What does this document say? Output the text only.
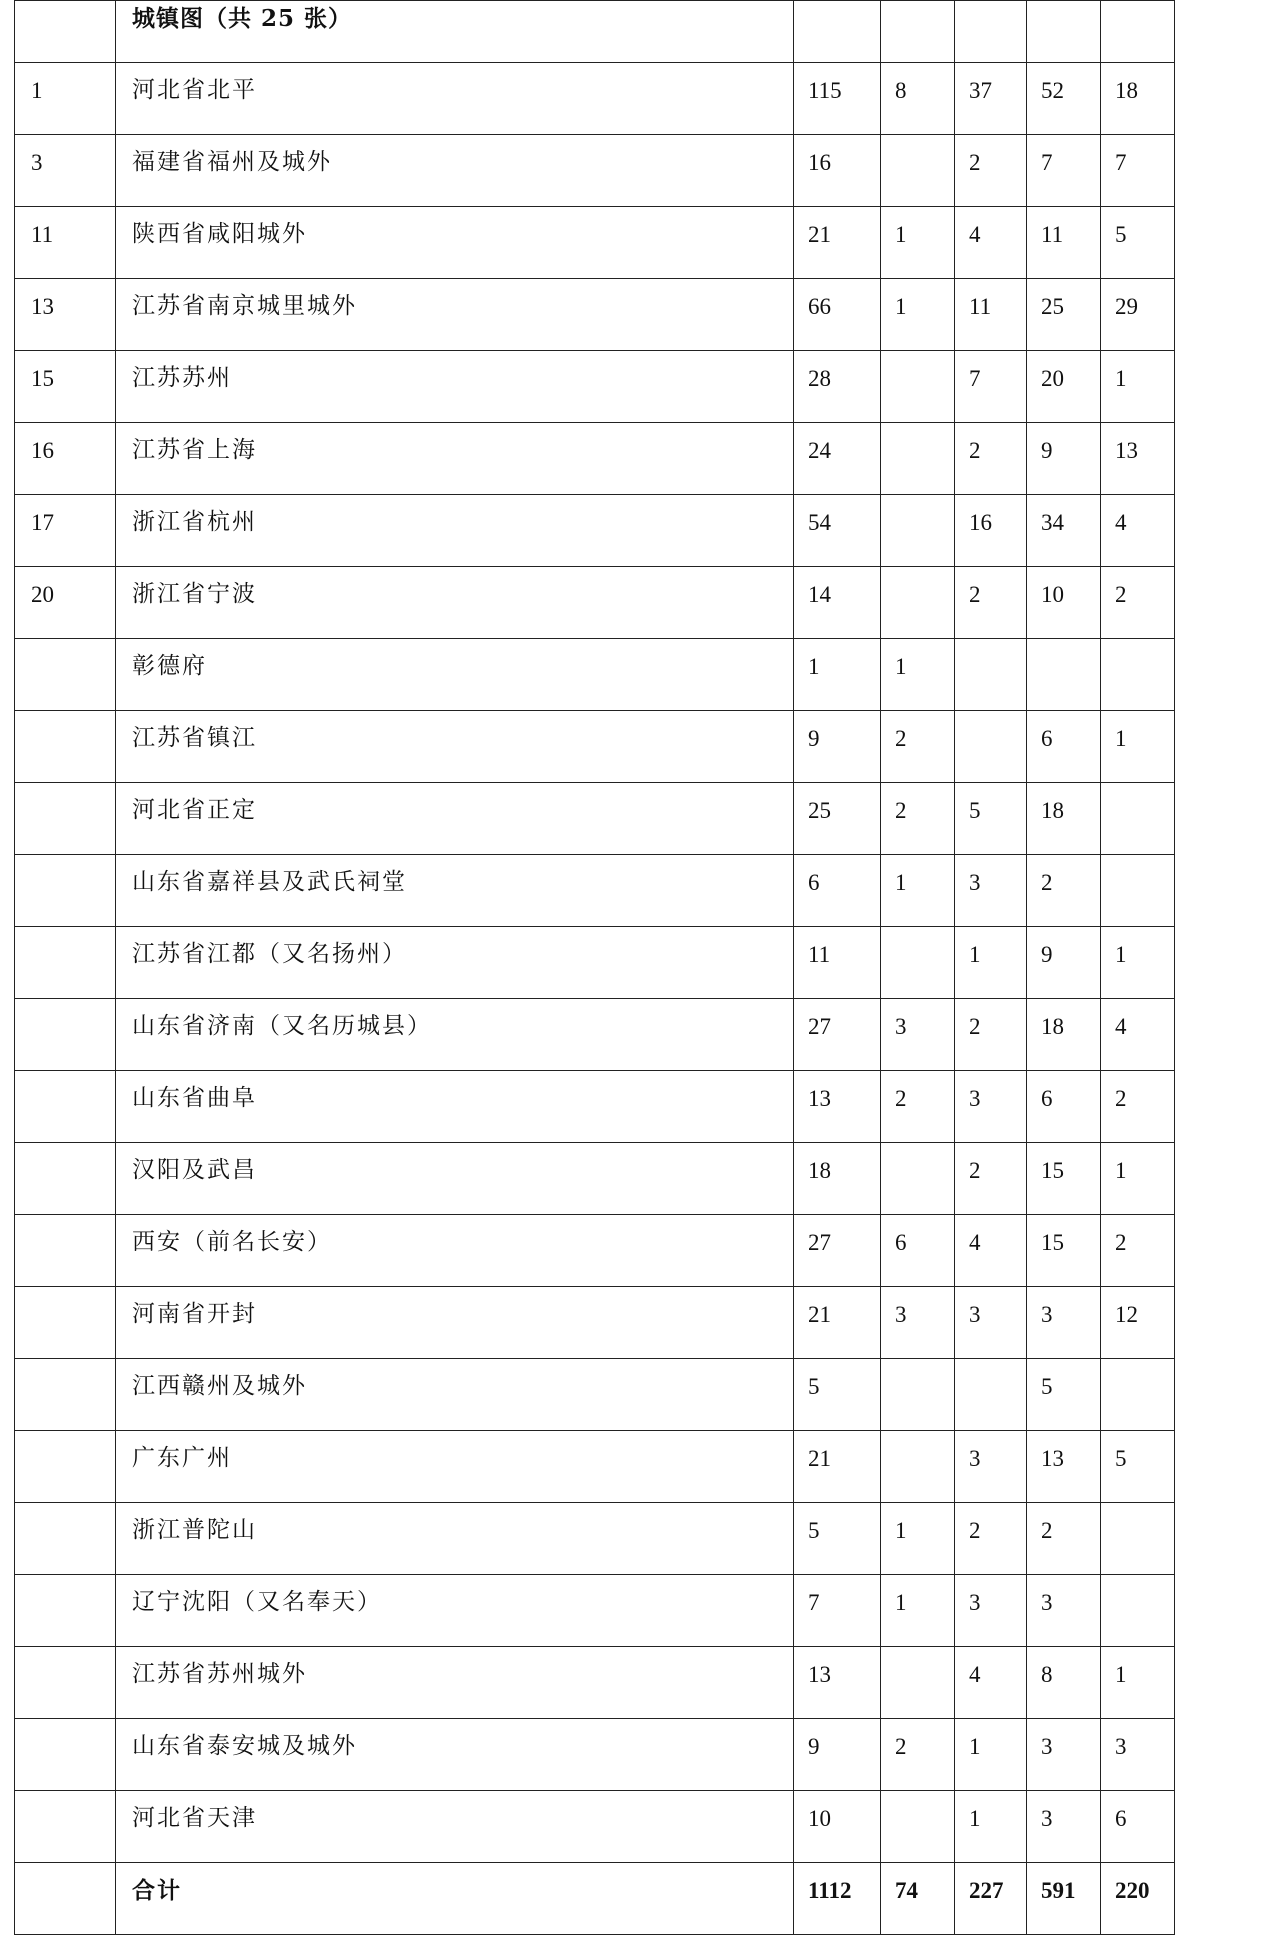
	城镇图（共 25 张）					
1	河北省北平	115	8	37	52	18
3	福建省福州及城外	16		2	7	7
11	陕西省咸阳城外	21	1	4	11	5
13	江苏省南京城里城外	66	1	11	25	29
15	江苏苏州	28		7	20	1
16	江苏省上海	24		2	9	13
17	浙江省杭州	54		16	34	4
20	浙江省宁波	14		2	10	2
	彰德府	1	1			
	江苏省镇江	9	2		6	1
	河北省正定	25	2	5	18	
	山东省嘉祥县及武氏祠堂	6	1	3	2	
	江苏省江都（又名扬州）	11		1	9	1
	山东省济南（又名历城县）	27	3	2	18	4
	山东省曲阜	13	2	3	6	2
	汉阳及武昌	18		2	15	1
	西安（前名长安）	27	6	4	15	2
	河南省开封	21	3	3	3	12
	江西赣州及城外	5			5	
	广东广州	21		3	13	5
	浙江普陀山	5	1	2	2	
	辽宁沈阳（又名奉天）	7	1	3	3	
	江苏省苏州城外	13		4	8	1
	山东省泰安城及城外	9	2	1	3	3
	河北省天津	10		1	3	6
	合计	1112	74	227	591	220
